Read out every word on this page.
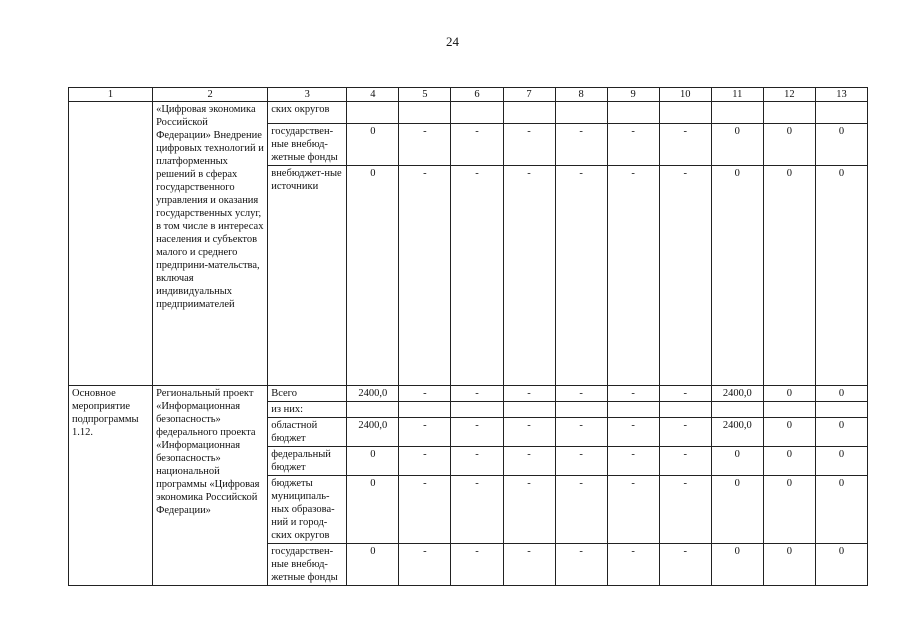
24
1	2	3	4	5	6	7	8	9	10	11	12	13
	«Цифровая экономика Российской Федерации» Внедрение цифровых технологий и платформенных решений в сферах государственного управления и оказания государственных услуг, в том числе в интересах населения и субъектов малого и среднего предприни-мательства, включая индивидуальных предприимателей	ских округов										
		государствен-ные внебюд-жетные фонды	0	-	-	-	-	-	-	0	0	0
		внебюджет-ные источники	0	-	-	-	-	-	-	0	0	0
Основное мероприятие подпрограммы 1.12.	Региональный проект «Информационная безопасность» федерального проекта «Информационная безопасность» национальной программы «Цифровая экономика Российской Федерации»	Всего	2400,0	-	-	-	-	-	-	2400,0	0	0
		из них:										
		областной бюджет	2400,0	-	-	-	-	-	-	2400,0	0	0
		федеральный бюджет	0	-	-	-	-	-	-	0	0	0
		бюджеты муниципаль-ных образова-ний и город-ских округов	0	-	-	-	-	-	-	0	0	0
		государствен-ные внебюд-жетные фонды	0	-	-	-	-	-	-	0	0	0
